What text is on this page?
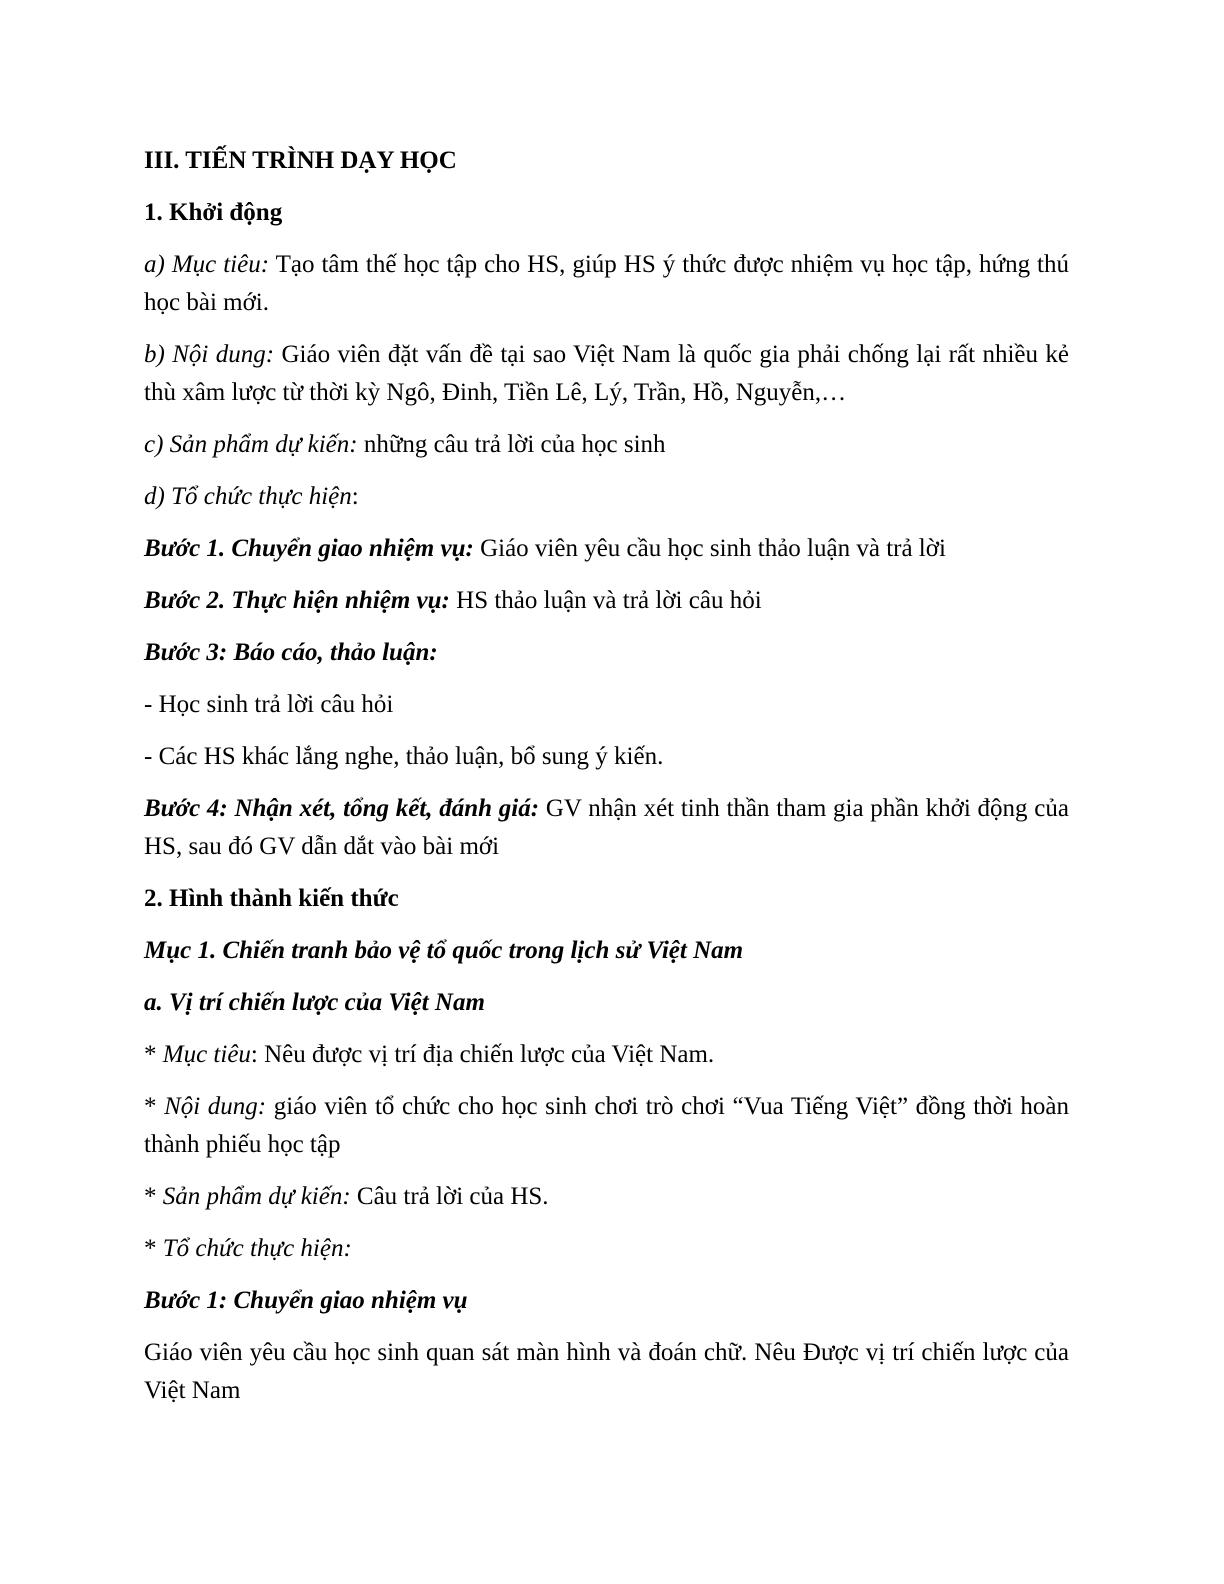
III. TIẾN TRÌNH DẠY HỌC

1. Khởi động

a) Mục tiêu: Tạo tâm thế học tập cho HS, giúp HS ý thức được nhiệm vụ học tập, hứng thú học bài mới.

b) Nội dung: Giáo viên đặt vấn đề tại sao Việt Nam là quốc gia phải chống lại rất nhiều kẻ thù xâm lược từ thời kỳ Ngô, Đinh, Tiền Lê, Lý, Trần, Hồ, Nguyễn,…

c) Sản phẩm dự kiến: những câu trả lời của học sinh

d) Tổ chức thực hiện:

Bước 1. Chuyển giao nhiệm vụ: Giáo viên yêu cầu học sinh thảo luận và trả lời

Bước 2. Thực hiện nhiệm vụ: HS thảo luận và trả lời câu hỏi

Bước 3: Báo cáo, thảo luận:

- Học sinh trả lời câu hỏi

- Các HS khác lắng nghe, thảo luận, bổ sung ý kiến.

Bước 4: Nhận xét, tổng kết, đánh giá: GV nhận xét tinh thần tham gia phần khởi động của HS, sau đó GV dẫn dắt vào bài mới

2. Hình thành kiến thức

Mục 1. Chiến tranh bảo vệ tổ quốc trong lịch sử Việt Nam

a. Vị trí chiến lược của Việt Nam

* Mục tiêu: Nêu được vị trí địa chiến lược của Việt Nam.

* Nội dung: giáo viên tổ chức cho học sinh chơi trò chơi “Vua Tiếng Việt” đồng thời hoàn thành phiếu học tập

* Sản phẩm dự kiến: Câu trả lời của HS.

* Tổ chức thực hiện:

Bước 1: Chuyển giao nhiệm vụ

Giáo viên yêu cầu học sinh quan sát màn hình và đoán chữ. Nêu Được vị trí chiến lược của Việt Nam
